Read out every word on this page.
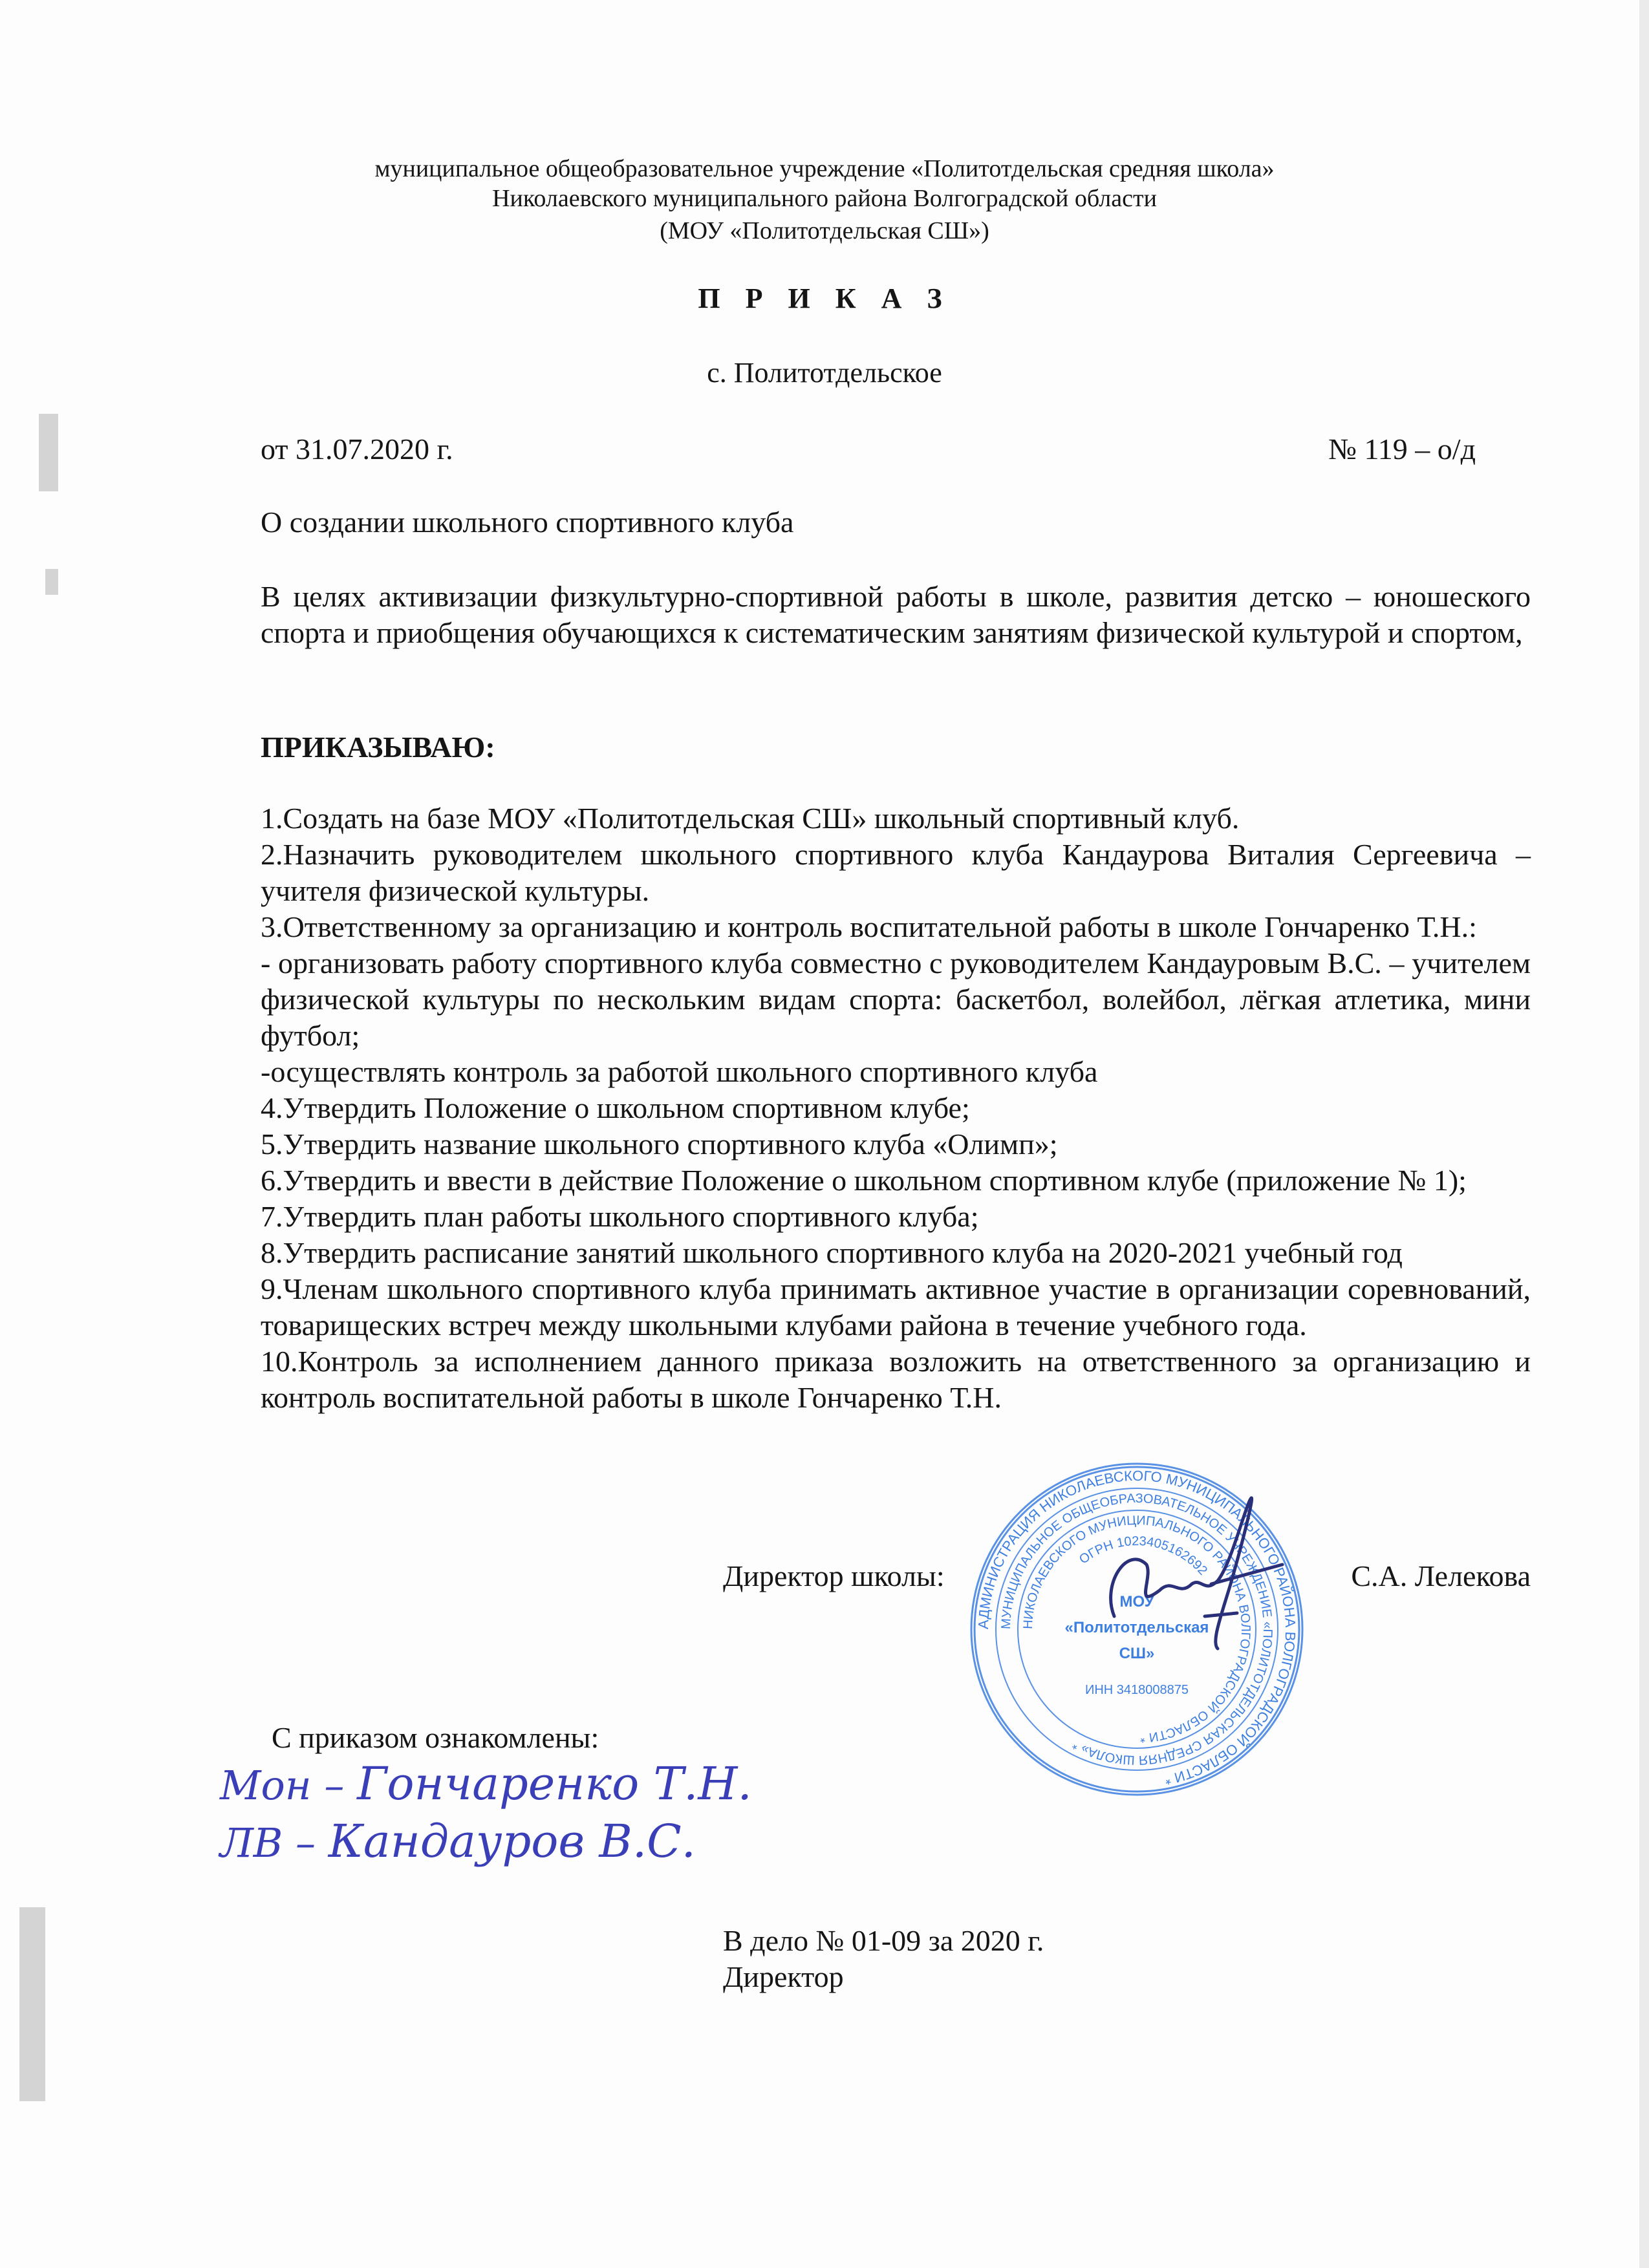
муниципальное общеобразовательное учреждение «Политотдельская средняя школа»
Николаевского муниципального района Волгоградской области
(МОУ «Политотдельская СШ»)
П Р И К А З
с. Политотдельское
от 31.07.2020 г.	№ 119 – о/д
О создании школьного спортивного клуба

В целях активизации физкультурно-спортивной работы в школе, развития детско – юношеского спорта и приобщения обучающихся к систематическим занятиям физической культурой и спортом,

ПРИКАЗЫВАЮ:

1.Создать на базе МОУ «Политотдельская СШ» школьный спортивный клуб.

2.Назначить руководителем школьного спортивного клуба Кандаурова Виталия Сергеевича – учителя физической культуры.

3.Ответственному за организацию и контроль воспитательной работы в школе Гончаренко Т.Н.:

- организовать работу спортивного клуба совместно с руководителем Кандауровым В.С. – учителем физической культуры по нескольким видам спорта: баскетбол, волейбол, лёгкая атлетика, мини футбол;

-осуществлять контроль за работой школьного спортивного клуба

4.Утвердить Положение о школьном спортивном клубе;

5.Утвердить название школьного спортивного клуба «Олимп»;

6.Утвердить и ввести в действие Положение о школьном спортивном клубе (приложение № 1);

7.Утвердить план работы школьного спортивного клуба;

8.Утвердить расписание занятий школьного спортивного клуба на 2020-2021 учебный год

9.Членам школьного спортивного клуба принимать активное участие в организации соревнований, товарищеских встреч между школьными клубами района в течение учебного года.

10.Контроль за исполнением данного приказа возложить на ответственного за организацию и контроль воспитательной работы в школе Гончаренко Т.Н.

Директор школы:	С.А. Лелекова
АДМИНИСТРАЦИЯ НИКОЛАЕВСКОГО МУНИЦИПАЛЬНОГО РАЙОНА ВОЛГОГРАДСКОЙ ОБЛАСТИ *
МУНИЦИПАЛЬНОЕ ОБЩЕОБРАЗОВАТЕЛЬНОЕ УЧРЕЖДЕНИЕ «ПОЛИТОТДЕЛЬСКАЯ СРЕДНЯЯ ШКОЛА» *
НИКОЛАЕВСКОГО МУНИЦИПАЛЬНОГО РАЙОНА ВОЛГОГРАДСКОЙ ОБЛАСТИ *
ОГРН 1023405162692
МОУ
«Политотдельская
СШ»
ИНН 3418008875
С приказом ознакомлены:
Мон – Гончаренко Т.Н.
ЛВ – Кандауров В.С.
В дело № 01-09 за 2020 г.
Директор
